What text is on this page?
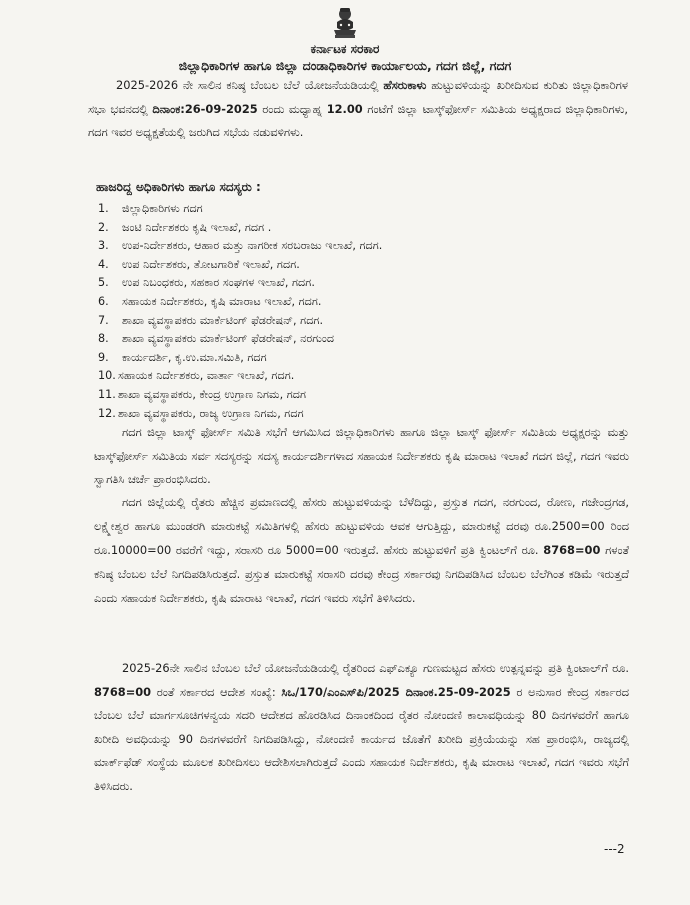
ಕರ್ನಾಟಕ ಸರಕಾರ
ಜಿಲ್ಲಾಧಿಕಾರಿಗಳ ಹಾಗೂ ಜಿಲ್ಲಾ ದಂಡಾಧಿಕಾರಿಗಳ ಕಾರ್ಯಾಲಯ, ಗದಗ ಜಿಲ್ಲೆ, ಗದಗ

2025-2026 ನೇ ಸಾಲಿನ ಕನಿಷ್ಠ ಬೆಂಬಲ ಬೆಲೆ ಯೋಜನೆಯಡಿಯಲ್ಲಿ ಹೆಸರುಕಾಳು ಹುಟ್ಟುವಳಿಯನ್ನು ಖರೀದಿಸುವ ಕುರಿತು ಜಿಲ್ಲಾಧಿಕಾರಿಗಳ ಸಭಾ ಭವನದಲ್ಲಿ ದಿನಾಂಕ:26-09-2025 ರಂದು ಮಧ್ಯಾಹ್ನ 12.00 ಗಂಟೆಗೆ ಜಿಲ್ಲಾ ಟಾಸ್ಕ್‌ಫೋರ್ಸ್ ಸಮಿತಿಯ ಅಧ್ಯಕ್ಷರಾದ ಜಿಲ್ಲಾಧಿಕಾರಿಗಳು, ಗದಗ ಇವರ ಅಧ್ಯಕ್ಷತೆಯಲ್ಲಿ ಜರುಗಿದ ಸಭೆಯ ನಡುವಳಿಗಳು.

ಹಾಜರಿದ್ದ ಅಧಿಕಾರಿಗಳು ಹಾಗೂ ಸದಸ್ಯರು :

1. ಜಿಲ್ಲಾಧಿಕಾರಿಗಳು ಗದಗ
2. ಜಂಟಿ ನಿರ್ದೇಶಕರು ಕೃಷಿ ಇಲಾಖೆ, ಗದಗ .
3. ಉಪ-ನಿರ್ದೇಶಕರು, ಆಹಾರ ಮತ್ತು ನಾಗರೀಕ ಸರಬರಾಜು ಇಲಾಖೆ, ಗದಗ.
4. ಉಪ ನಿರ್ದೇಶಕರು, ತೋಟಗಾರಿಕೆ ಇಲಾಖೆ, ಗದಗ.
5. ಉಪ ನಿಬಂಧಕರು, ಸಹಕಾರ ಸಂಘಗಳ ಇಲಾಖೆ, ಗದಗ.
6. ಸಹಾಯಕ ನಿರ್ದೇಶಕರು, ಕೃಷಿ ಮಾರಾಟ ಇಲಾಖೆ, ಗದಗ.
7. ಶಾಖಾ ವ್ಯವಸ್ಥಾಪಕರು ಮಾರ್ಕೆಟಿಂಗ್ ಫೆಡರೇಷನ್, ಗದಗ.
8. ಶಾಖಾ ವ್ಯವಸ್ಥಾಪಕರು ಮಾರ್ಕೆಟಿಂಗ್ ಫೆಡರೇಷನ್, ನರಗುಂದ
9. ಕಾರ್ಯದರ್ಶಿ, ಕೃ.ಉ.ಮಾ.ಸಮಿತಿ, ಗದಗ
10. ಸಹಾಯಕ ನಿರ್ದೇಶಕರು, ವಾರ್ತಾ ಇಲಾಖೆ, ಗದಗ.
11. ಶಾಖಾ ವ್ಯವಸ್ಥಾಪಕರು, ಕೇಂದ್ರ ಉಗ್ರಾಣ ನಿಗಮ, ಗದಗ
12. ಶಾಖಾ ವ್ಯವಸ್ಥಾಪಕರು, ರಾಜ್ಯ ಉಗ್ರಾಣ ನಿಗಮ, ಗದಗ

ಗದಗ ಜಿಲ್ಲಾ ಟಾಸ್ಕ್ ಫೋರ್ಸ್ ಸಮಿತಿ ಸಭೆಗೆ ಆಗಮಿಸಿದ ಜಿಲ್ಲಾಧಿಕಾರಿಗಳು ಹಾಗೂ ಜಿಲ್ಲಾ ಟಾಸ್ಕ್ ಫೋರ್ಸ್ ಸಮಿತಿಯ ಅಧ್ಯಕ್ಷರನ್ನು ಮತ್ತು ಟಾಸ್ಕ್‌ಫೋರ್ಸ್ ಸಮಿತಿಯ ಸರ್ವ ಸದಸ್ಯರನ್ನು ಸದಸ್ಯ ಕಾರ್ಯದರ್ಶಿಗಳಾದ ಸಹಾಯಕ ನಿರ್ದೇಶಕರು ಕೃಷಿ ಮಾರಾಟ ಇಲಾಖೆ ಗದಗ ಜಿಲ್ಲೆ, ಗದಗ ಇವರು ಸ್ವಾಗತಿಸಿ ಚರ್ಚೆ ಪ್ರಾರಂಭಿಸಿದರು.

ಗದಗ ಜಿಲ್ಲೆಯಲ್ಲಿ ರೈತರು ಹೆಚ್ಚಿನ ಪ್ರಮಾಣದಲ್ಲಿ ಹೆಸರು ಹುಟ್ಟುವಳಿಯನ್ನು ಬೆಳೆದಿದ್ದು, ಪ್ರಸ್ತುತ ಗದಗ, ನರಗುಂದ, ರೋಣ, ಗಜೇಂದ್ರಗಡ, ಲಕ್ಷ್ಮೇಶ್ವರ ಹಾಗೂ ಮುಂಡರಗಿ ಮಾರುಕಟ್ಟೆ ಸಮಿತಿಗಳಲ್ಲಿ ಹೆಸರು ಹುಟ್ಟುವಳಿಯ ಆವಕ ಆಗುತ್ತಿದ್ದು, ಮಾರುಕಟ್ಟೆ ದರವು ರೂ.2500=00 ರಿಂದ ರೂ.10000=00 ರವರೆಗೆ ಇದ್ದು, ಸರಾಸರಿ ರೂ 5000=00 ಇರುತ್ತದೆ. ಹೆಸರು ಹುಟ್ಟುವಳಿಗೆ ಪ್ರತಿ ಕ್ವಿಂಟಲ್‌ಗೆ ರೂ. 8768=00 ಗಳಂತೆ ಕನಿಷ್ಠ ಬೆಂಬಲ ಬೆಲೆ ನಿಗದಿಪಡಿಸಿರುತ್ತದೆ. ಪ್ರಸ್ತುತ ಮಾರುಕಟ್ಟೆ ಸರಾಸರಿ ದರವು ಕೇಂದ್ರ ಸರ್ಕಾರವು ನಿಗದಿಪಡಿಸಿದ ಬೆಂಬಲ ಬೆಲೆಗಿಂತ ಕಡಿಮೆ ಇರುತ್ತದೆ ಎಂದು ಸಹಾಯಕ ನಿರ್ದೇಶಕರು, ಕೃಷಿ ಮಾರಾಟ ಇಲಾಖೆ, ಗದಗ ಇವರು ಸಭೆಗೆ ತಿಳಿಸಿದರು.

2025-26ನೇ ಸಾಲಿನ ಬೆಂಬಲ ಬೆಲೆ ಯೋಜನೆಯಡಿಯಲ್ಲಿ ರೈತರಿಂದ ಎಫ್‌ಎಕ್ಯೂ ಗುಣಮಟ್ಟದ ಹೆಸರು ಉತ್ಪನ್ನವನ್ನು ಪ್ರತಿ ಕ್ವಿಂಟಾಲ್‌ಗೆ ರೂ. 8768=00 ರಂತೆ ಸರ್ಕಾರದ ಆದೇಶ ಸಂಖ್ಯೆ: ಸಿಒ/170/ಎಂಎಸ್‌ಪಿ/2025 ದಿನಾಂಕ.25-09-2025 ರ ಅನುಸಾರ ಕೇಂದ್ರ ಸರ್ಕಾರದ ಬೆಂಬಲ ಬೆಲೆ ಮಾರ್ಗಸೂಚಿಗಳನ್ವಯ ಸದರಿ ಆದೇಶದ ಹೊರಡಿಸಿದ ದಿನಾಂಕದಿಂದ ರೈತರ ನೋಂದಣಿ ಕಾಲಾವಧಿಯನ್ನು 80 ದಿನಗಳವರೆಗೆ ಹಾಗೂ ಖರೀದಿ ಅವಧಿಯನ್ನು 90 ದಿನಗಳವರೆಗೆ ನಿಗದಿಪಡಿಸಿದ್ದು, ನೋಂದಣಿ ಕಾರ್ಯದ ಜೊತೆಗೆ ಖರೀದಿ ಪ್ರಕ್ರಿಯೆಯನ್ನು ಸಹ ಪ್ರಾರಂಭಿಸಿ, ರಾಜ್ಯದಲ್ಲಿ ಮಾರ್ಕ್‌ಫೆಡ್ ಸಂಸ್ಥೆಯ ಮೂಲಕ ಖರೀದಿಸಲು ಆದೇಶಿಸಲಾಗಿರುತ್ತದೆ ಎಂದು ಸಹಾಯಕ ನಿರ್ದೇಶಕರು, ಕೃಷಿ ಮಾರಾಟ ಇಲಾಖೆ, ಗದಗ ಇವರು ಸಭೆಗೆ ತಿಳಿಸಿದರು.

---2
